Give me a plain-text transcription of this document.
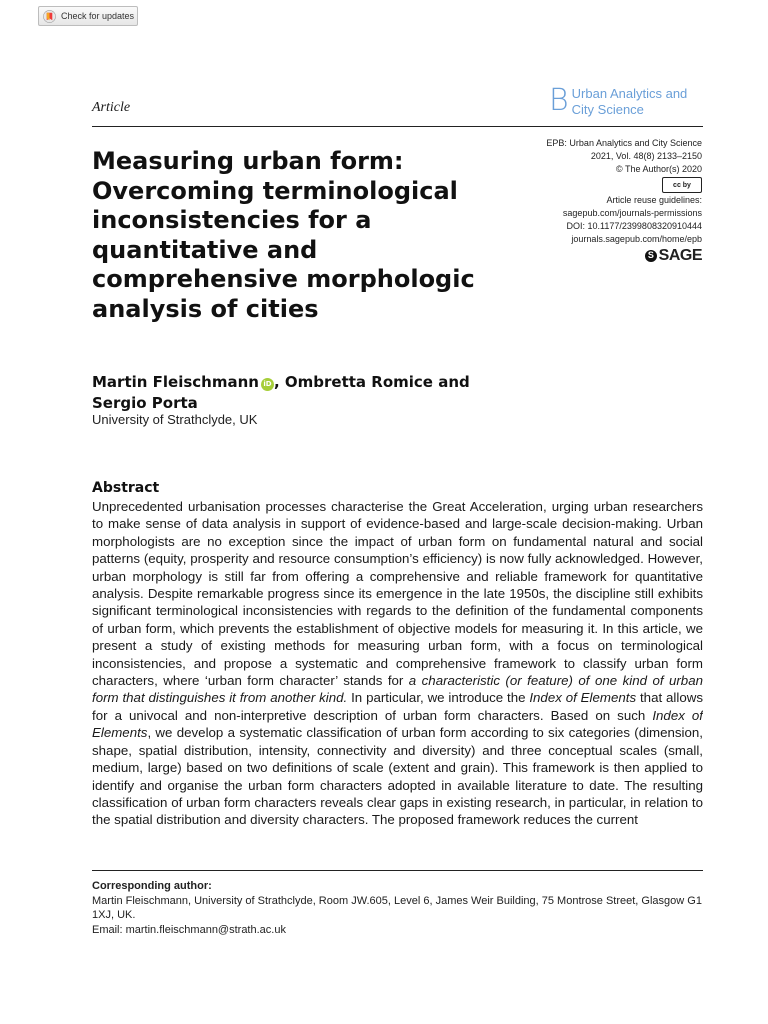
Check for updates
Article	B Urban Analytics and
City Science
EPB: Urban Analytics and City Science
2021, Vol. 48(8) 2133–2150
© The Author(s) 2020
cc by
Article reuse guidelines:
sagepub.com/journals-permissions
DOI: 10.1177/2399808320910444
journals.sagepub.com/home/epb
S SAGE
Measuring urban form:
Overcoming terminological
inconsistencies for a
quantitative and
comprehensive morphologic
analysis of cities
Martin Fleischmann iD , Ombretta Romice and
Sergio Porta
University of Strathclyde, UK
Abstract
Unprecedented urbanisation processes characterise the Great Acceleration, urging urban researchers to make sense of data analysis in support of evidence-based and large-scale decision-making. Urban morphologists are no exception since the impact of urban form on fundamental natural and social patterns (equity, prosperity and resource consumption’s efficiency) is now fully acknowledged. However, urban morphology is still far from offering a comprehensive and reliable framework for quantitative analysis. Despite remarkable progress since its emergence in the late 1950s, the discipline still exhibits significant terminological inconsistencies with regards to the definition of the fundamental components of urban form, which prevents the establishment of objective models for measuring it. In this article, we present a study of existing methods for measuring urban form, with a focus on terminological inconsistencies, and propose a systematic and comprehensive framework to classify urban form characters, where ‘urban form character’ stands for a characteristic (or feature) of one kind of urban form that distinguishes it from another kind. In particular, we introduce the Index of Elements that allows for a univocal and non-interpretive description of urban form characters. Based on such Index of Elements, we develop a systematic classification of urban form according to six categories (dimension, shape, spatial distribution, intensity, connectivity and diversity) and three conceptual scales (small, medium, large) based on two definitions of scale (extent and grain). This framework is then applied to identify and organise the urban form characters adopted in available literature to date. The resulting classification of urban form characters reveals clear gaps in existing research, in particular, in relation to the spatial distribution and diversity characters. The proposed framework reduces the current
Corresponding author:
Martin Fleischmann, University of Strathclyde, Room JW.605, Level 6, James Weir Building, 75 Montrose Street, Glasgow G1 1XJ, UK.
Email: martin.fleischmann@strath.ac.uk
